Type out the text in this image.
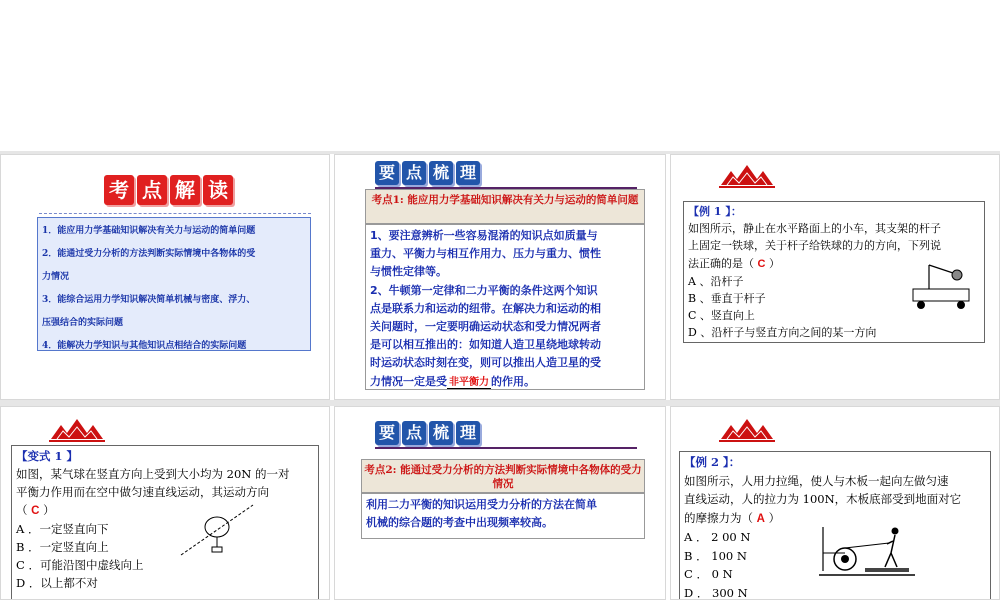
考 点 解 读

1．能应用力学基础知识解决有关力与运动的简单问题

2．能通过受力分析的方法判断实际情境中各物体的受

力情况

3．能综合运用力学知识解决简单机械与密度、浮力、

压强结合的实际问题

4．能解决力学知识与其他知识点相结合的实际问题

要 点 梳 理
考点1: 能应用力学基础知识解决有关力与运动的简单问题
1、要注意辨析一些容易混淆的知识点如质量与
重力、平衡力与相互作用力、压力与重力、惯性
与惯性定律等。
2、牛顿第一定律和二力平衡的条件这两个知识
点是联系力和运动的纽带。在解决力和运动的相
关问题时，一定要明确运动状态和受力情况两者
是可以相互推出的：如知道人造卫星绕地球转动
时运动状态时刻在变，则可以推出人造卫星的受
力情况一定是受 非平衡力 的作用。
【例 1 】：
如图所示，静止在水平路面上的小车，其支架的杆子
上固定一铁球，关于杆子给铁球的力的方向，下列说
法正确的是（ C ）
A 、沿杆子
B 、垂直于杆子
C 、竖直向上
D 、沿杆子与竖直方向之间的某一方向
【变式 1 】
如图，某气球在竖直方向上受到大小均为 20N 的一对
平衡力作用而在空中做匀速直线运动，其运动方向
（ C ）
A ．一定竖直向下
B ．一定竖直向上
C ．可能沿图中虚线向上
D ．以上都不对
要 点 梳 理
考点2: 能通过受力分析的方法判断实际情境中各物体的受力情况
利用二力平衡的知识运用受力分析的方法在简单
机械的综合题的考查中出现频率较高。
【例 2 】：
如图所示，人用力拉绳，使人与木板一起向左做匀速
直线运动，人的拉力为 100N，木板底部受到地面对它
的摩擦力为（ A ）
A ． 2 00 N
B ． 100 N
C ． 0 N
D ． 300 N
